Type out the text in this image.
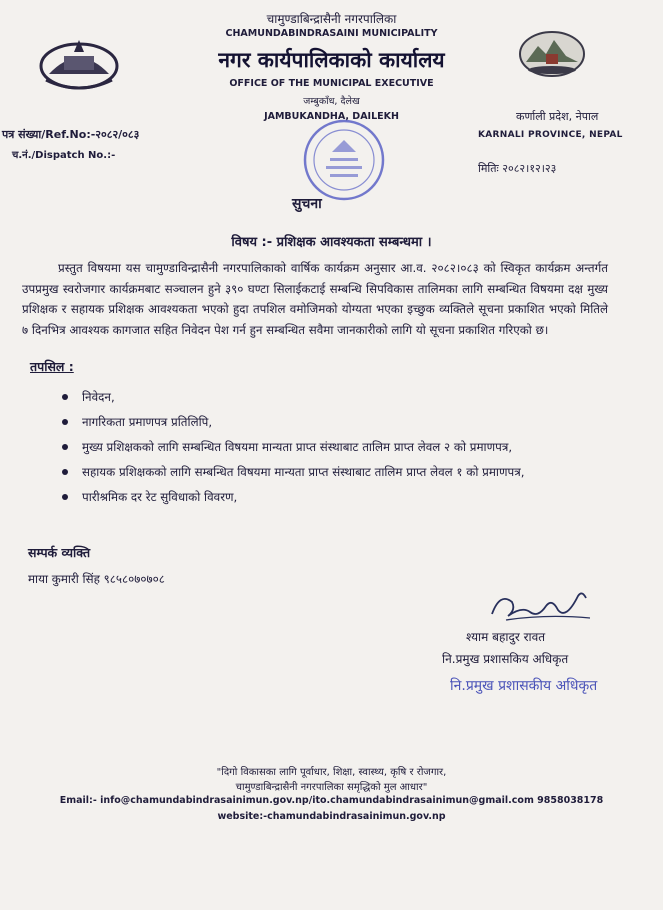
चामुण्डाबिन्द्रासैनी नगरपालिका
CHAMUNDABINDRASAINI MUNICIPALITY
नगर कार्यपालिकाको कार्यालय
OFFICE OF THE MUNICIPAL EXECUTIVE
जम्बुकाँध, दैलेख
JAMBUKANDHA, DAILEKH
पत्र संख्या/Ref.No:-२०८२/०८३
च.नं./Dispatch No.:-
कर्णाली प्रदेश, नेपाल
KARNALI PROVINCE, NEPAL
मितिः २०८२।१२।२३
सुचना
विषय :- प्रशिक्षक आवश्यकता सम्बन्धमा ।
प्रस्तुत विषयमा यस चामुण्डाविन्द्रासैनी नगरपालिकाको वार्षिक कार्यक्रम अनुसार आ.व. २०८२।०८३ को स्विकृत कार्यक्रम अन्तर्गत उपप्रमुख स्वरोजगार कार्यक्रमबाट सञ्चालन हुने ३९० घण्टा सिलाईकटाई सम्बन्धि सिपविकास तालिमका लागि सम्बन्धित विषयमा दक्ष मुख्य प्रशिक्षक र सहायक प्रशिक्षक आवश्यकता भएको हुदा तपशिल वमोजिमको योग्यता भएका इच्छुक व्यक्तिले सूचना प्रकाशित भएको मितिले ७ दिनभित्र आवश्यक कागजात सहित निवेदन पेश गर्न हुन सम्बन्धित सवैमा जानकारीको लागि यो सूचना प्रकाशित गरिएको छ।
तपसिल :
निवेदन,
नागरिकता प्रमाणपत्र प्रतिलिपि,
मुख्य प्रशिक्षकको लागि सम्बन्धित विषयमा मान्यता प्राप्त संस्थाबाट तालिम प्राप्त लेवल २ को प्रमाणपत्र,
सहायक प्रशिक्षकको लागि सम्बन्धित विषयमा मान्यता प्राप्त संस्थाबाट तालिम प्राप्त लेवल १ को प्रमाणपत्र,
पारीश्रमिक दर रेट सुविधाको विवरण,
सम्पर्क व्यक्ति
माया कुमारी सिंह ९८५८०७०७०८
श्याम बहादुर रावत
नि.प्रमुख प्रशासकिय अधिकृत
नि.प्रमुख प्रशासकीय अधिकृत
"दिगो विकासका लागि पूर्वाधार, शिक्षा, स्वास्थ्य, कृषि र रोजगार,
चामुण्डाबिन्द्रासैनी नगरपालिका समृद्धिको मुल आधार"
Email:- info@chamundabindrasainimun.gov.np/ito.chamundabindrasainimun@gmail.com 9858038178
website:-chamundabindrasainimun.gov.np
